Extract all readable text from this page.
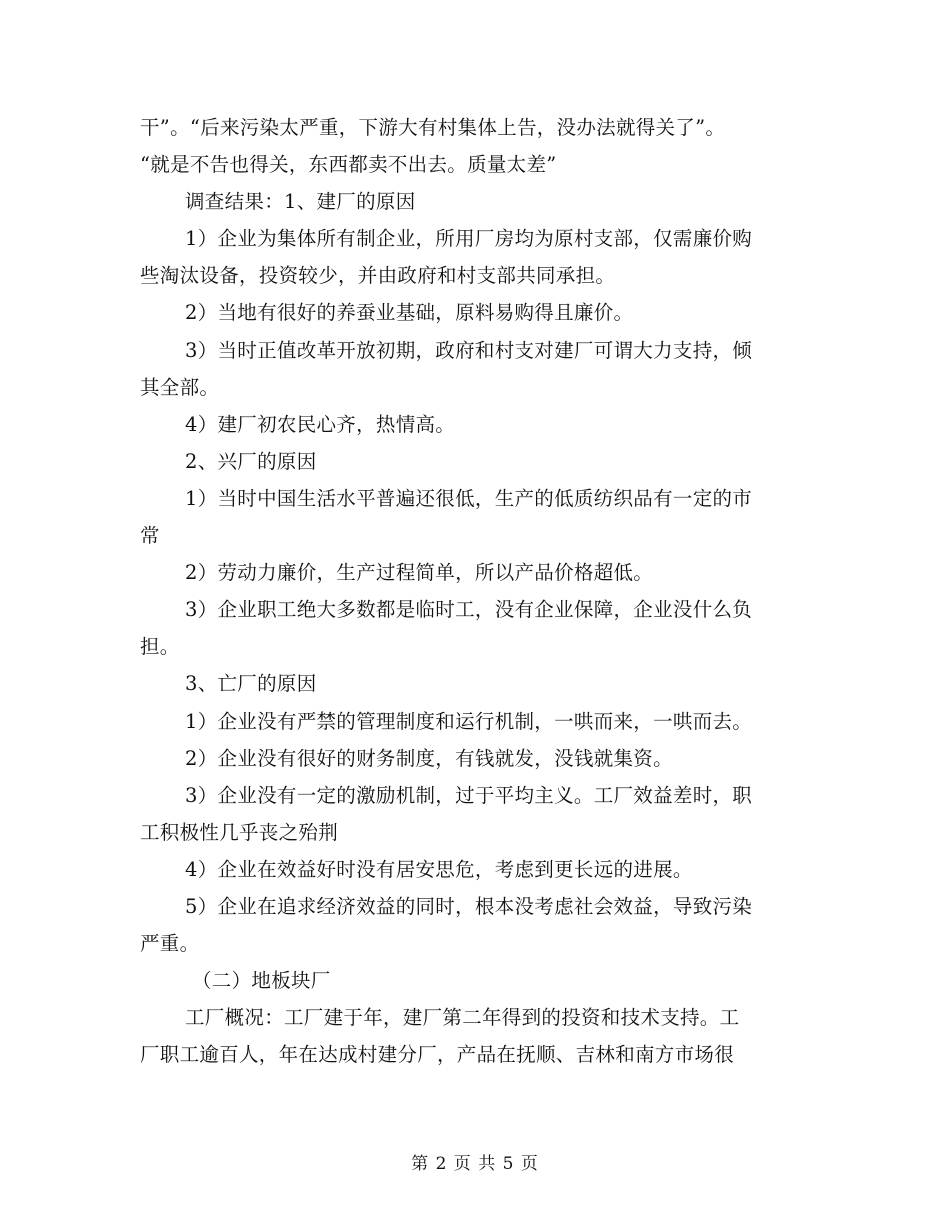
干”。“后来污染太严重，下游大有村集体上告，没办法就得关了”。
“就是不告也得关，东西都卖不出去。质量太差”
调查结果：1、建厂的原因
1）企业为集体所有制企业，所用厂房均为原村支部，仅需廉价购
些淘汰设备，投资较少，并由政府和村支部共同承担。
2）当地有很好的养蚕业基础，原料易购得且廉价。
3）当时正值改革开放初期，政府和村支对建厂可谓大力支持，倾
其全部。
4）建厂初农民心齐，热情高。
2、兴厂的原因
1）当时中国生活水平普遍还很低，生产的低质纺织品有一定的市
常
2）劳动力廉价，生产过程简单，所以产品价格超低。
3）企业职工绝大多数都是临时工，没有企业保障，企业没什么负
担。
3、亡厂的原因
1）企业没有严禁的管理制度和运行机制，一哄而来，一哄而去。
2）企业没有很好的财务制度，有钱就发，没钱就集资。
3）企业没有一定的激励机制，过于平均主义。工厂效益差时，职
工积极性几乎丧之殆荆
4）企业在效益好时没有居安思危，考虑到更长远的进展。
5）企业在追求经济效益的同时，根本没考虑社会效益，导致污染
严重。
（二）地板块厂
工厂概况：工厂建于年，建厂第二年得到的投资和技术支持。工
厂职工逾百人，年在达成村建分厂，产品在抚顺、吉林和南方市场很
第 2 页 共 5 页
